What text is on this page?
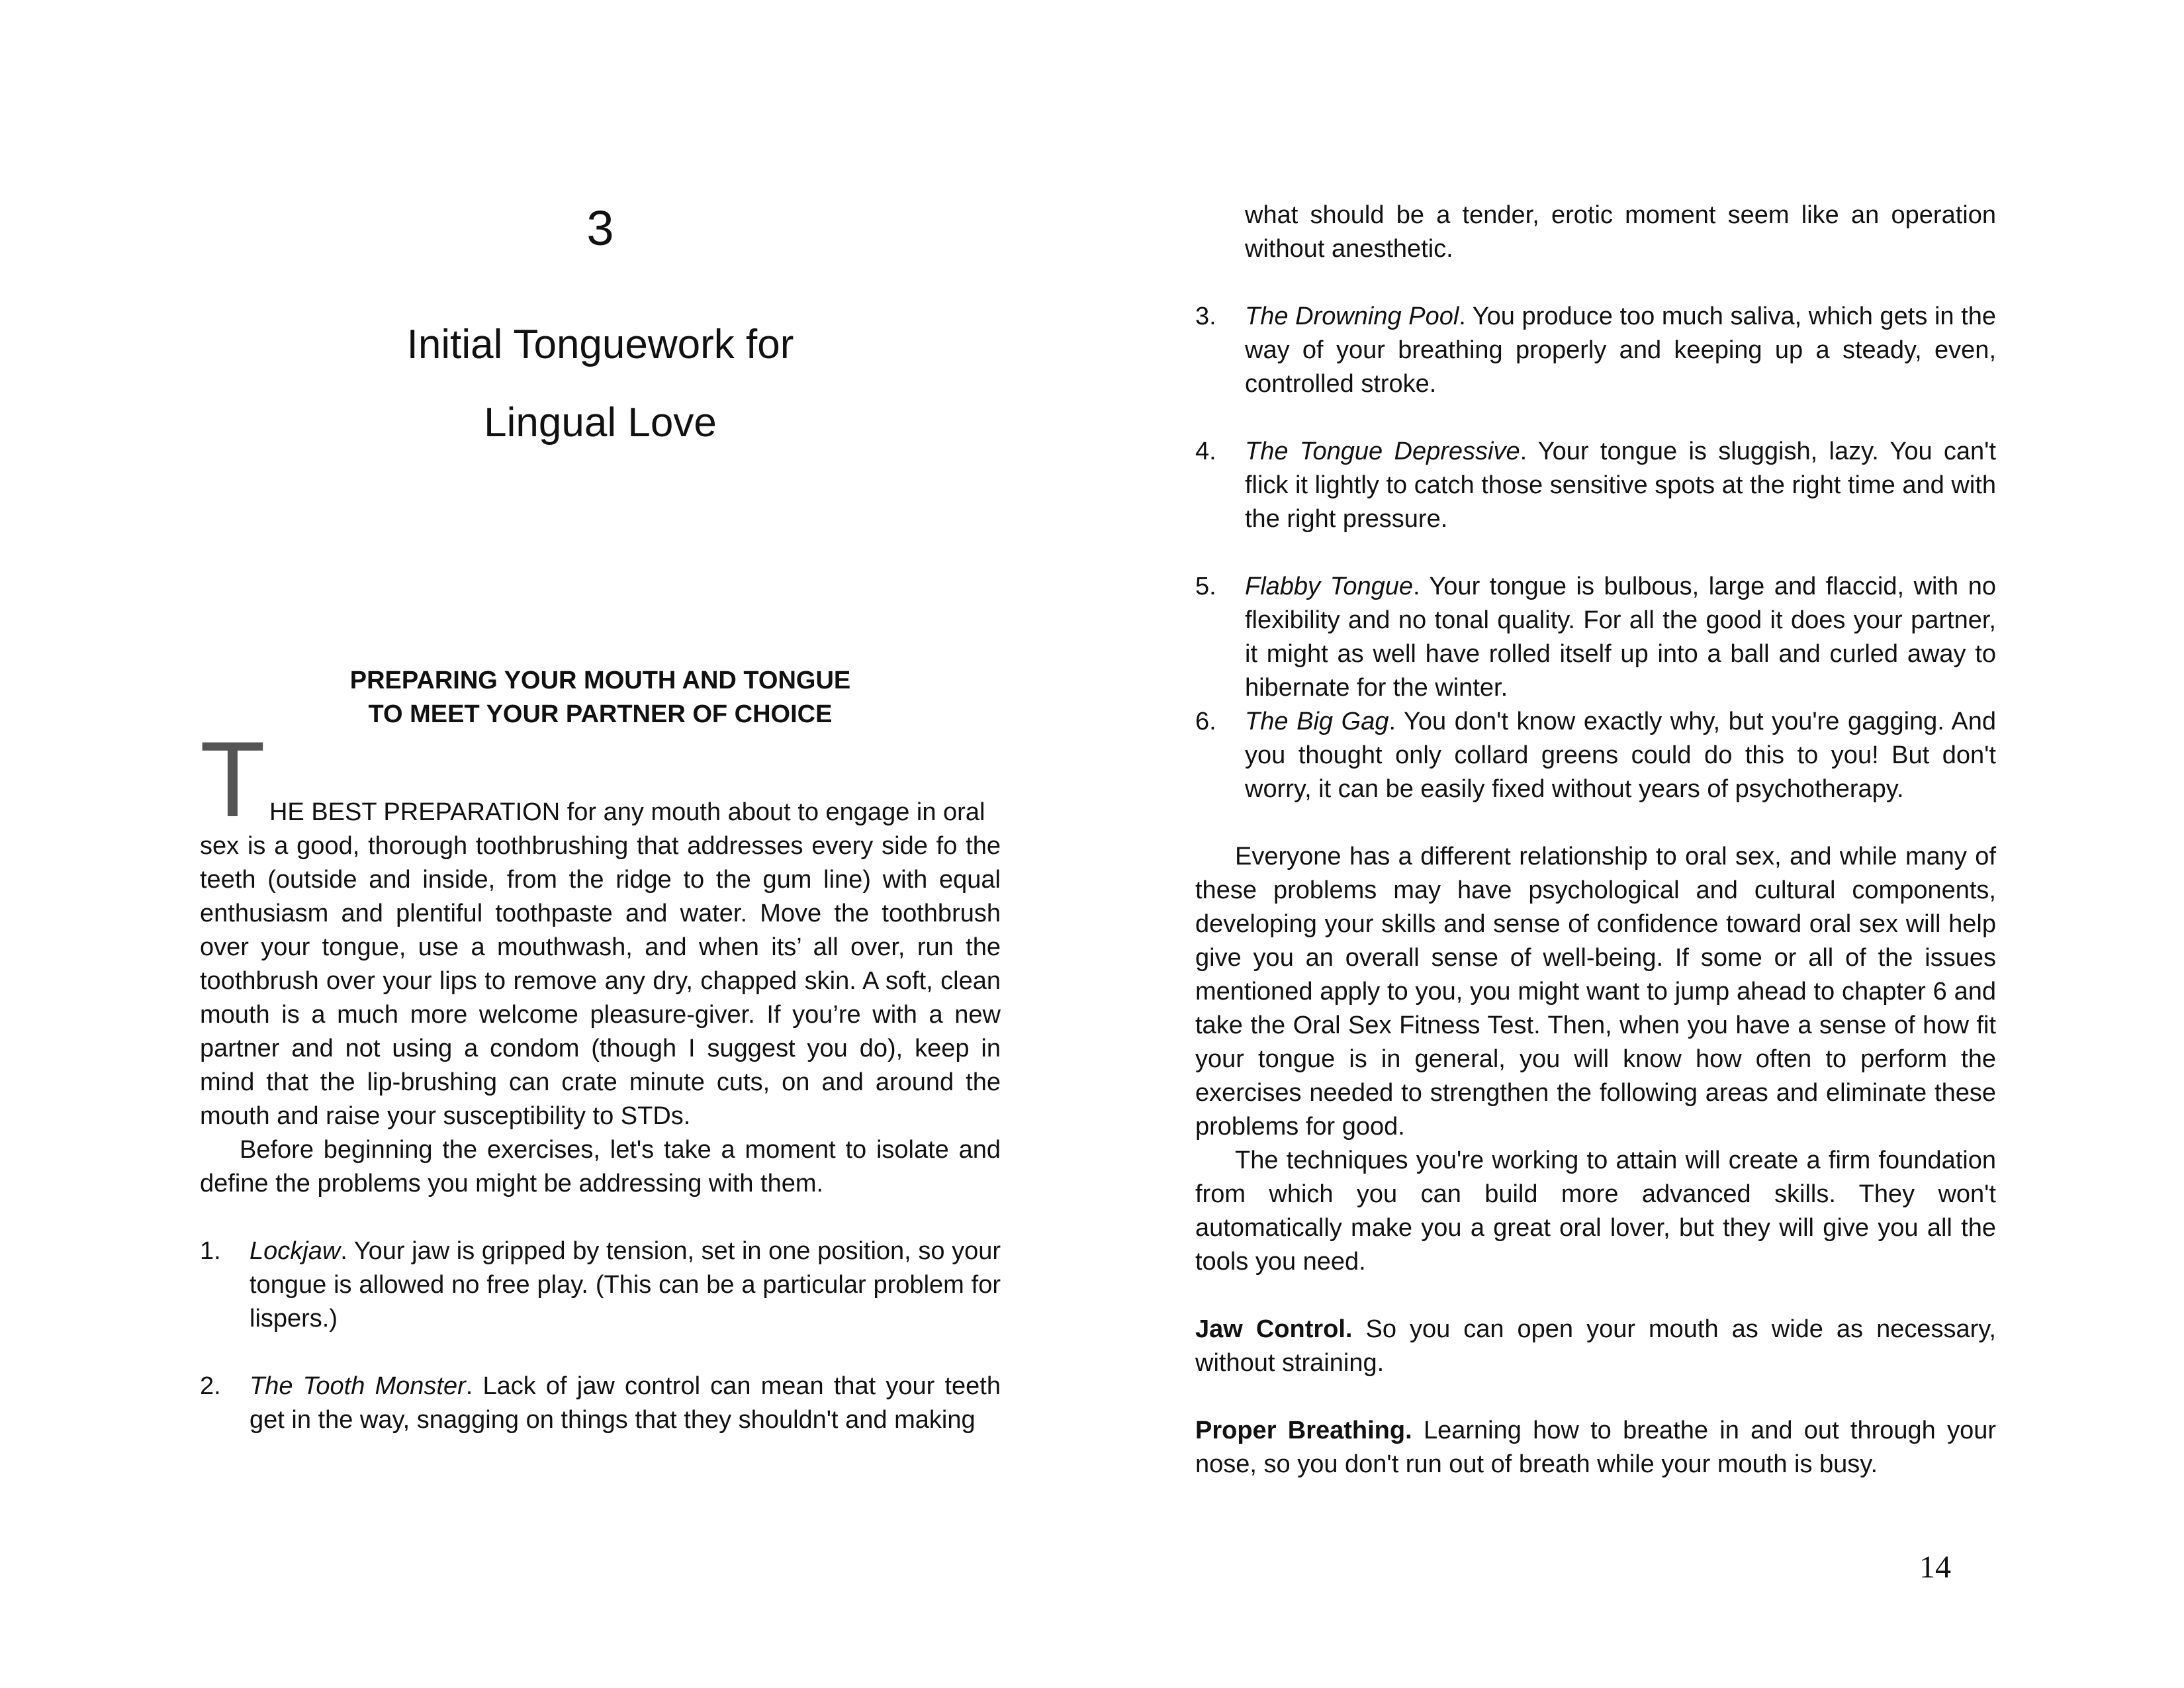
3
Initial Tonguework for
Lingual Love
PREPARING YOUR MOUTH AND TONGUE
TO MEET YOUR PARTNER OF CHOICE

T HE BEST PREPARATION for any mouth about to engage in oral
sex is a good, thorough toothbrushing that addresses every side fo the teeth (outside and inside, from the ridge to the gum line) with equal enthusiasm and plentiful toothpaste and water. Move the toothbrush over your tongue, use a mouthwash, and when its’ all over, run the toothbrush over your lips to remove any dry, chapped skin. A soft, clean mouth is a much more welcome pleasure-giver. If you’re with a new partner and not using a condom (though I suggest you do), keep in mind that the lip-brushing can crate minute cuts, on and around the mouth and raise your susceptibility to STDs.

Before beginning the exercises, let's take a moment to isolate and define the problems you might be addressing with them.

1. Lockjaw. Your jaw is gripped by tension, set in one position, so your tongue is allowed no free play. (This can be a particular problem for lispers.)
2. The Tooth Monster. Lack of jaw control can mean that your teeth get in the way, snagging on things that they shouldn't and making
what should be a tender, erotic moment seem like an operation without anesthetic.
3. The Drowning Pool. You produce too much saliva, which gets in the way of your breathing properly and keeping up a steady, even, controlled stroke.
4. The Tongue Depressive. Your tongue is sluggish, lazy. You can't flick it lightly to catch those sensitive spots at the right time and with the right pressure.
5. Flabby Tongue. Your tongue is bulbous, large and flaccid, with no flexibility and no tonal quality. For all the good it does your partner, it might as well have rolled itself up into a ball and curled away to hibernate for the winter.
6. The Big Gag. You don't know exactly why, but you're gagging. And you thought only collard greens could do this to you! But don't worry, it can be easily fixed without years of psychotherapy.

Everyone has a different relationship to oral sex, and while many of these problems may have psychological and cultural components, developing your skills and sense of confidence toward oral sex will help give you an overall sense of well-being. If some or all of the issues mentioned apply to you, you might want to jump ahead to chapter 6 and take the Oral Sex Fitness Test. Then, when you have a sense of how fit your tongue is in general, you will know how often to perform the exercises needed to strengthen the following areas and eliminate these problems for good.

The techniques you're working to attain will create a firm foundation from which you can build more advanced skills. They won't automatically make you a great oral lover, but they will give you all the tools you need.

Jaw Control. So you can open your mouth as wide as necessary, without straining.

Proper Breathing. Learning how to breathe in and out through your nose, so you don't run out of breath while your mouth is busy.

14
